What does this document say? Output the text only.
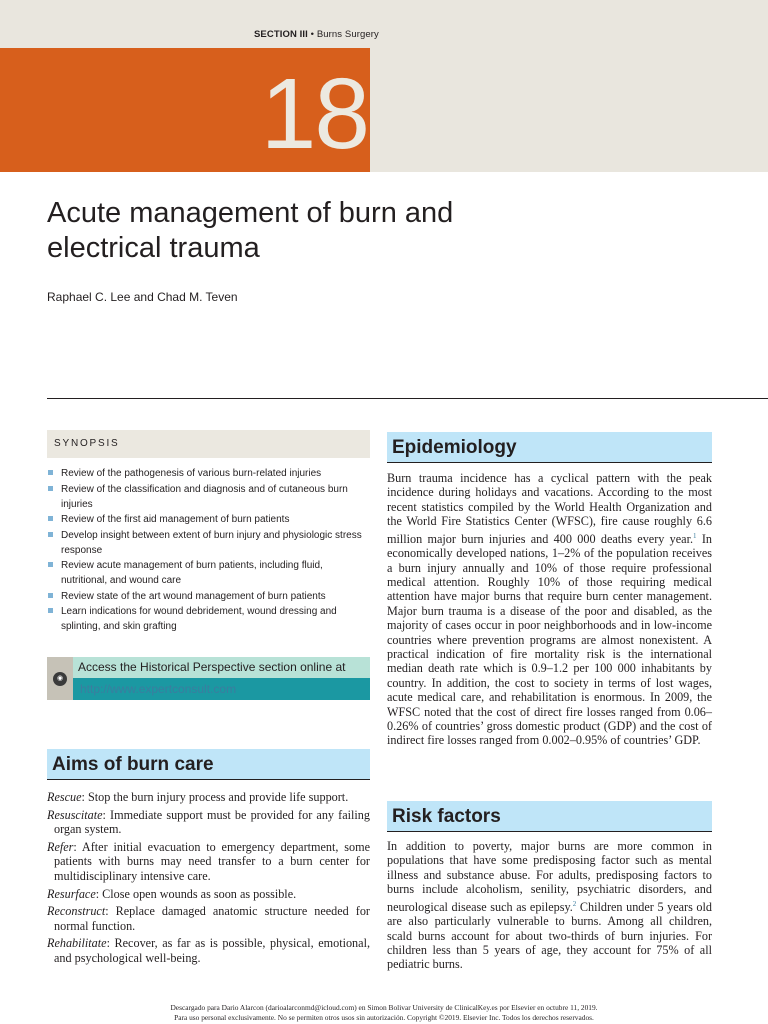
SECTION III • Burns Surgery
18
Acute management of burn and electrical trauma
Raphael C. Lee and Chad M. Teven
SYNOPSIS
Review of the pathogenesis of various burn-related injuries
Review of the classification and diagnosis and of cutaneous burn injuries
Review of the first aid management of burn patients
Develop insight between extent of burn injury and physiologic stress response
Review acute management of burn patients, including fluid, nutritional, and wound care
Review state of the art wound management of burn patients
Learn indications for wound debridement, wound dressing and splinting, and skin grafting
◉
Access the Historical Perspective section online at
http://www.expertconsult.com
Aims of burn care

Rescue: Stop the burn injury process and provide life support.

Resuscitate: Immediate support must be provided for any failing organ system.

Refer: After initial evacuation to emergency department, some patients with burns may need transfer to a burn center for multidisciplinary intensive care.

Resurface: Close open wounds as soon as possible.

Reconstruct: Replace damaged anatomic structure needed for normal function.

Rehabilitate: Recover, as far as is possible, physical, emotional, and psychological well-being.

Epidemiology

Burn trauma incidence has a cyclical pattern with the peak incidence during holidays and vacations. According to the most recent statistics compiled by the World Health Organization and the World Fire Statistics Center (WFSC), fire cause roughly 6.6 million major burn injuries and 400 000 deaths every year.$^1$ In economically developed nations, 1–2% of the population receives a burn injury annually and 10% of those require professional medical attention. Roughly 10% of those requiring medical attention have major burns that require burn center management. Major burn trauma is a disease of the poor and disabled, as the majority of cases occur in poor neighborhoods and in low-income countries where prevention programs are almost nonexistent. A practical indication of fire mortality risk is the international median death rate which is 0.9–1.2 per 100 000 inhabitants by country. In addition, the cost to society in terms of lost wages, acute medical care, and rehabilitation is enormous. In 2009, the WFSC noted that the cost of direct fire losses ranged from 0.06–0.26% of countries’ gross domestic product (GDP) and the cost of indirect fire losses ranged from 0.002–0.95% of countries’ GDP.

Risk factors

In addition to poverty, major burns are more common in populations that have some predisposing factor such as mental illness and substance abuse. For adults, predisposing factors to burns include alcoholism, senility, psychiatric disorders, and neurological disease such as epilepsy.$^2$ Children under 5 years old are also particularly vulnerable to burns. Among all children, scald burns account for about two-thirds of burn injuries. For children less than 5 years of age, they account for 75% of all pediatric burns.

Descargado para Dario Alarcon (darioalarconmd@icloud.com) en Simon Bolivar University de ClinicalKey.es por Elsevier en octubre 11, 2019.
Para uso personal exclusivamente. No se permiten otros usos sin autorización. Copyright ©2019. Elsevier Inc. Todos los derechos reservados.
